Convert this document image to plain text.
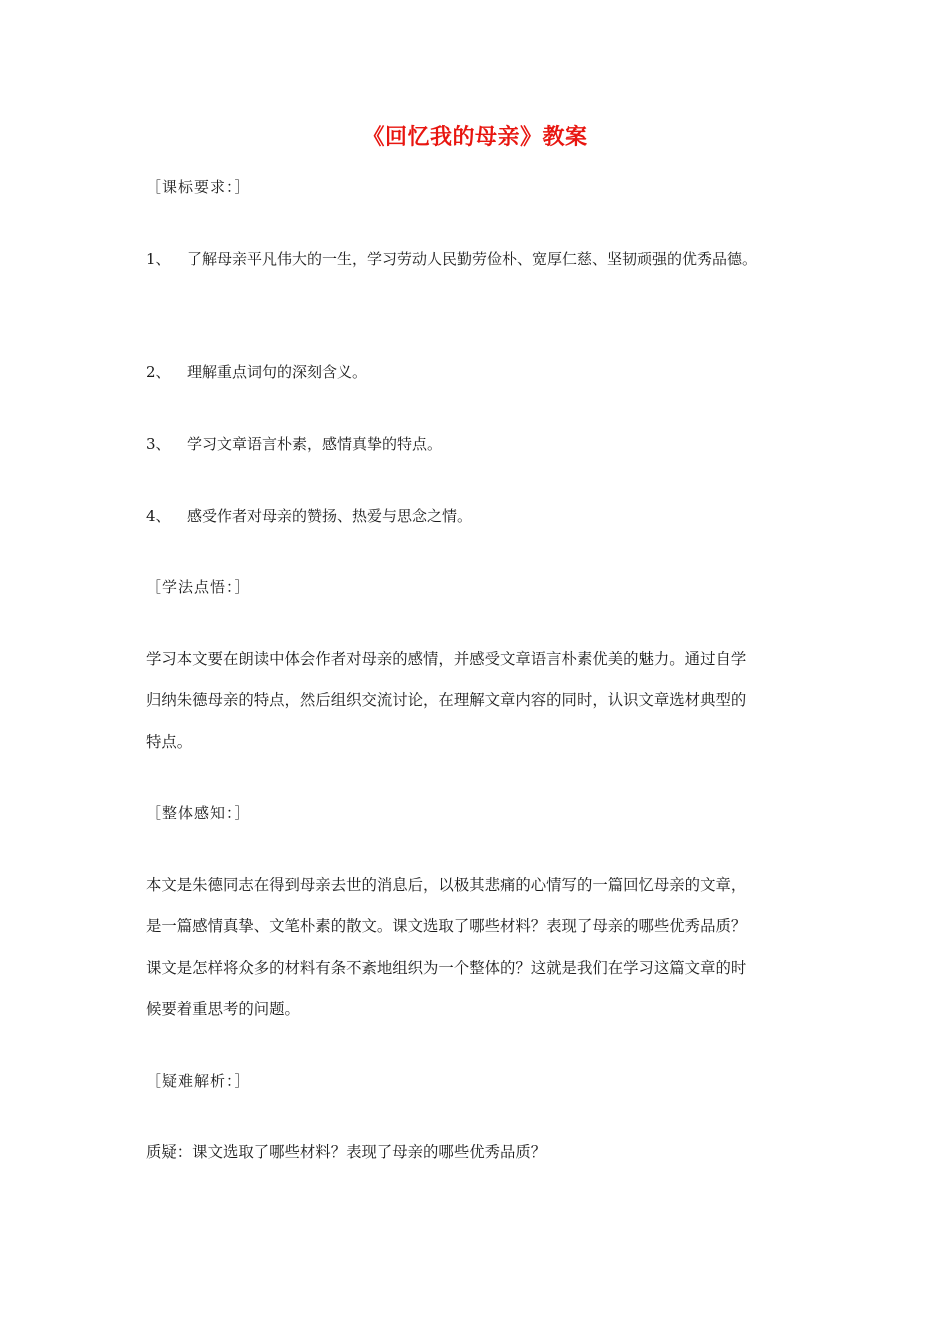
《回忆我的母亲》教案
［课标要求：］
1、 了解母亲平凡伟大的一生，学习劳动人民勤劳俭朴、宽厚仁慈、坚韧顽强的优秀品德。
2、 理解重点词句的深刻含义。
3、 学习文章语言朴素，感情真挚的特点。
4、 感受作者对母亲的赞扬、热爱与思念之情。
［学法点悟：］
学习本文要在朗读中体会作者对母亲的感情，并感受文章语言朴素优美的魅力。通过自学
归纳朱德母亲的特点，然后组织交流讨论，在理解文章内容的同时，认识文章选材典型的
特点。
［整体感知：］
本文是朱德同志在得到母亲去世的消息后，以极其悲痛的心情写的一篇回忆母亲的文章，
是一篇感情真挚、文笔朴素的散文。课文选取了哪些材料？表现了母亲的哪些优秀品质？
课文是怎样将众多的材料有条不紊地组织为一个整体的？这就是我们在学习这篇文章的时
候要着重思考的问题。
［疑难解析：］
质疑：课文选取了哪些材料？表现了母亲的哪些优秀品质？
